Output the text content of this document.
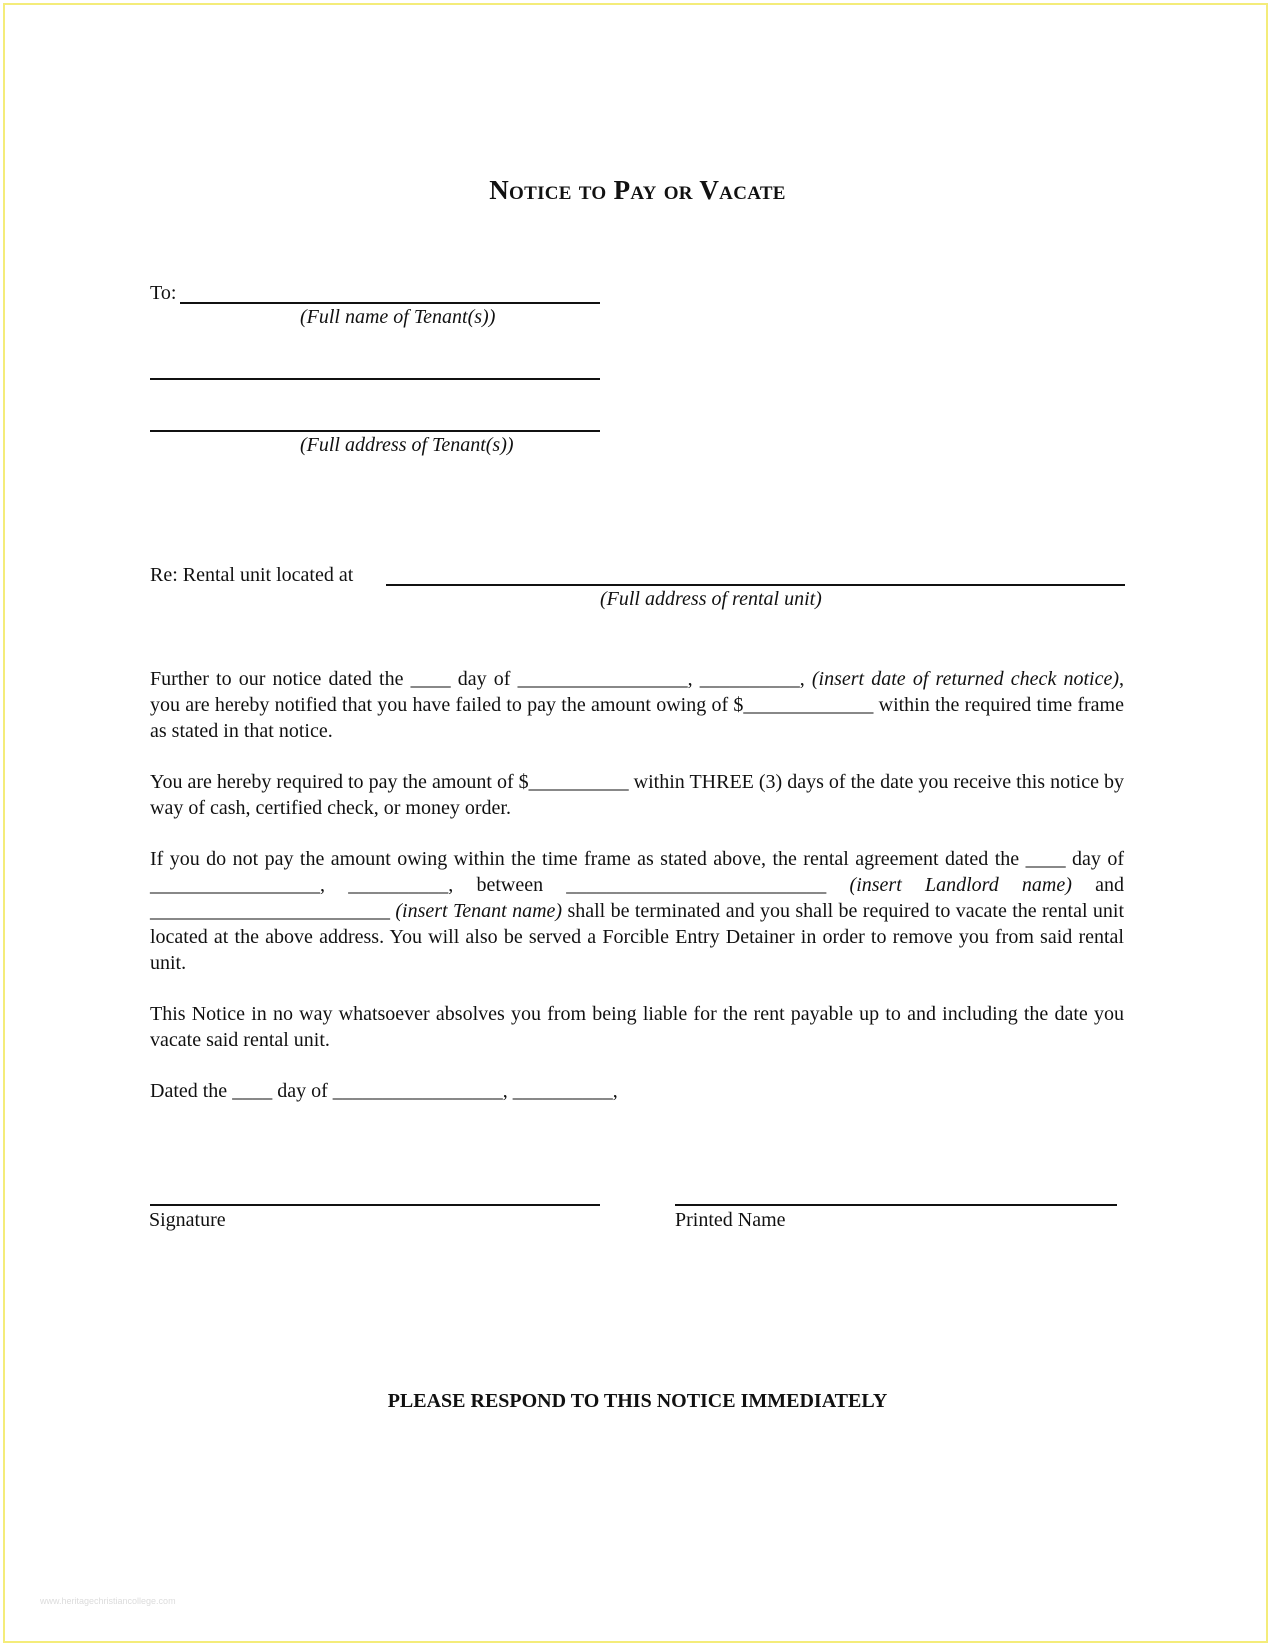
Notice to Pay or Vacate
To:
(Full name of Tenant(s))
(Full address of Tenant(s))
Re: Rental unit located at
(Full address of rental unit)
Further to our notice dated the ____ day of _________________, __________, (insert date of returned check notice), you are hereby notified that you have failed to pay the amount owing of $_____________ within the required time frame as stated in that notice.
You are hereby required to pay the amount of $__________ within THREE (3) days of the date you receive this notice by way of cash, certified check, or money order.
If you do not pay the amount owing within the time frame as stated above, the rental agreement dated the ____ day of _________________, __________, between __________________________ (insert Landlord name) and ________________________ (insert Tenant name) shall be terminated and you shall be required to vacate the rental unit located at the above address. You will also be served a Forcible Entry Detainer in order to remove you from said rental unit.
This Notice in no way whatsoever absolves you from being liable for the rent payable up to and including the date you vacate said rental unit.
Dated the ____ day of _________________, __________,
Signature	Printed Name
PLEASE RESPOND TO THIS NOTICE IMMEDIATELY
www.heritagechristiancollege.com
